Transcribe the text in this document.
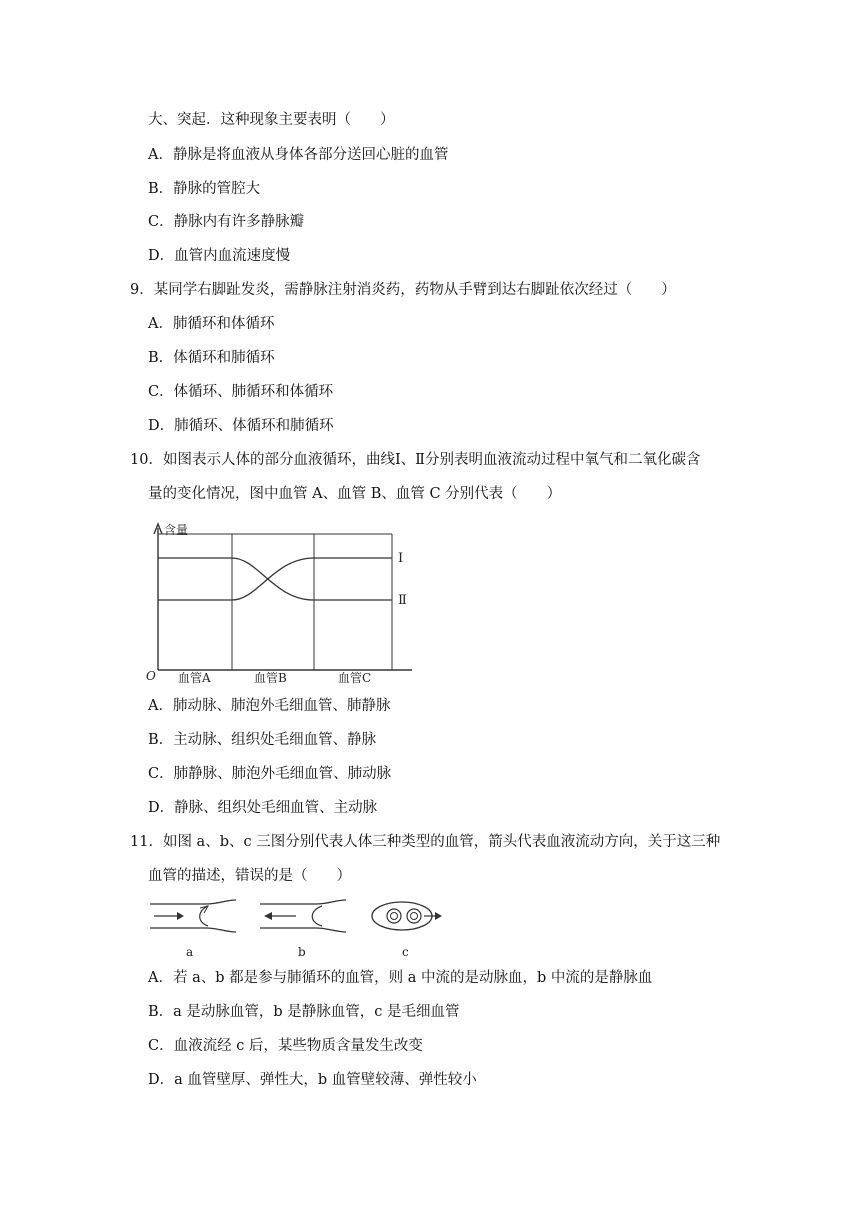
大、突起．这种现象主要表明（　　）
A．静脉是将血液从身体各部分送回心脏的血管
B．静脉的管腔大
C．静脉内有许多静脉瓣
D．血管内血流速度慢
9．某同学右脚趾发炎，需静脉注射消炎药，药物从手臂到达右脚趾依次经过（　　）
A．肺循环和体循环
B．体循环和肺循环
C．体循环、肺循环和体循环
D．肺循环、体循环和肺循环
10．如图表示人体的部分血液循环，曲线Ⅰ、Ⅱ分别表明血液流动过程中氧气和二氧化碳含
量的变化情况，图中血管 A、血管 B、血管 C 分别代表（　　）
含量
O 血管A	血管B	血管C
Ⅰ
Ⅱ
A．肺动脉、肺泡外毛细血管、肺静脉
B．主动脉、组织处毛细血管、静脉
C．肺静脉、肺泡外毛细血管、肺动脉
D．静脉、组织处毛细血管、主动脉
11．如图 a、b、c 三图分别代表人体三种类型的血管，箭头代表血液流动方向，关于这三种
血管的描述，错误的是（　　）
a	b	c
A．若 a、b 都是参与肺循环的血管，则 a 中流的是动脉血，b 中流的是静脉血
B．a 是动脉血管，b 是静脉血管，c 是毛细血管
C．血液流经 c 后，某些物质含量发生改变
D．a 血管壁厚、弹性大，b 血管壁较薄、弹性较小
